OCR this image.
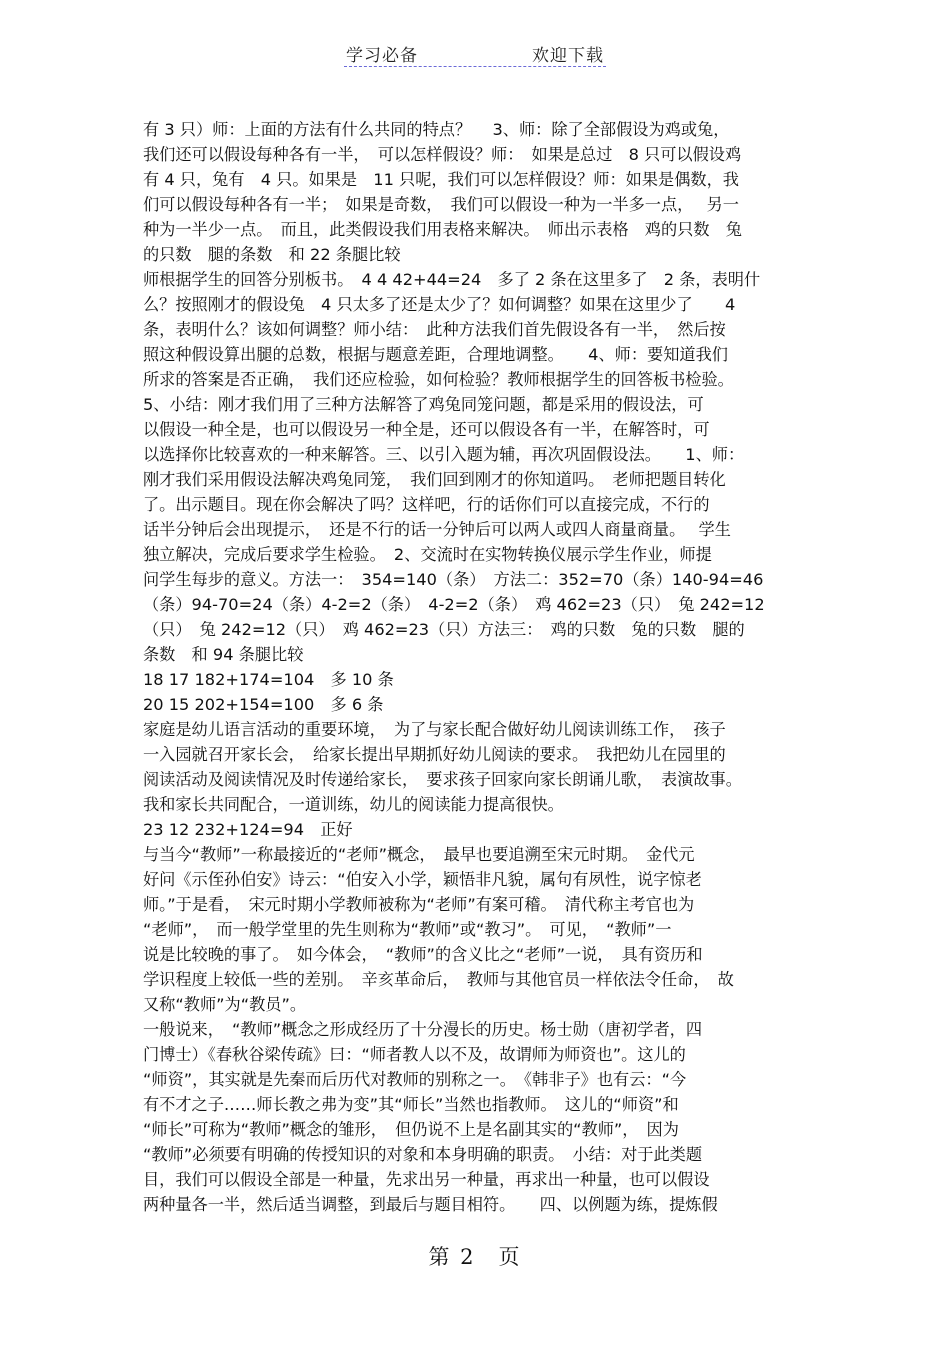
学习必备	欢迎下载
有 3 只）师：上面的方法有什么共同的特点？　 3、师：除了全部假设为鸡或兔，
我们还可以假设每种各有一半，　可以怎样假设？师：　如果是总过　8 只可以假设鸡
有 4 只，兔有　4 只。如果是　11 只呢，我们可以怎样假设？师：如果是偶数，我
们可以假设每种各有一半；　如果是奇数，　我们可以假设一种为一半多一点，　 另一
种为一半少一点。　而且，此类假设我们用表格来解决。　师出示表格　鸡的只数　兔
的只数　腿的条数　和 22 条腿比较
师根据学生的回答分别板书。　4 4 42+44=24　多了 2 条在这里多了　2 条，表明什
么？按照刚才的假设兔　4 只太多了还是太少了？如何调整？如果在这里少了　　4
条，表明什么？该如何调整？师小结：　此种方法我们首先假设各有一半，　然后按
照这种假设算出腿的总数，根据与题意差距，合理地调整。　　4、师：要知道我们
所求的答案是否正确，　我们还应检验，如何检验？教师根据学生的回答板书检验。
5、小结：刚才我们用了三种方法解答了鸡兔同笼问题，都是采用的假设法，可
以假设一种全是，也可以假设另一种全是，还可以假设各有一半，在解答时，可
以选择你比较喜欢的一种来解答。三、以引入题为辅，再次巩固假设法。　　1、师：
刚才我们采用假设法解决鸡兔同笼，　我们回到刚才的你知道吗。　老师把题目转化
了。出示题目。现在你会解决了吗？这样吧，行的话你们可以直接完成，不行的
话半分钟后会出现提示，　还是不行的话一分钟后可以两人或四人商量商量。　 学生
独立解决，完成后要求学生检验。　2、交流时在实物转换仪展示学生作业，师提
问学生每步的意义。方法一：　354=140（条）　方法二：352=70（条）140-94=46
（条）94-70=24（条）4-2=2（条）　4-2=2（条）　鸡 462=23（只）　兔 242=12
（只）　兔 242=12（只）　鸡 462=23（只）方法三：　鸡的只数　兔的只数　腿的
条数　和 94 条腿比较
18 17 182+174=104　多 10 条
20 15 202+154=100　多 6 条
家庭是幼儿语言活动的重要环境，　为了与家长配合做好幼儿阅读训练工作，　孩子
一入园就召开家长会，　给家长提出早期抓好幼儿阅读的要求。　我把幼儿在园里的
阅读活动及阅读情况及时传递给家长，　要求孩子回家向家长朗诵儿歌，　表演故事。
我和家长共同配合，一道训练，幼儿的阅读能力提高很快。
23 12 232+124=94　正好
与当今“教师”一称最接近的“老师”概念，　最早也要追溯至宋元时期。　金代元
好问《示侄孙伯安》诗云：“伯安入小学，颖悟非凡貌，属句有夙性，说字惊老
师。”于是看，　宋元时期小学教师被称为“老师”有案可稽。　清代称主考官也为
“老师”，　而一般学堂里的先生则称为“教师”或“教习”。　可见，　“教师”一
说是比较晚的事了。　如今体会，　“教师”的含义比之“老师”一说，　具有资历和
学识程度上较低一些的差别。　辛亥革命后，　教师与其他官员一样依法令任命，　故
又称“教师”为“教员”。
一般说来，　“教师”概念之形成经历了十分漫长的历史。杨士勋（唐初学者，四
门博士）《春秋谷梁传疏》曰：“师者教人以不及，故谓师为师资也”。这儿的
“师资”，其实就是先秦而后历代对教师的别称之一。　《韩非子》也有云：“今
有不才之子……师长教之弗为变”其“师长”当然也指教师。　这儿的“师资”和
“师长”可称为“教师”概念的雏形，　但仍说不上是名副其实的“教师”，　因为
“教师”必须要有明确的传授知识的对象和本身明确的职责。　小结：对于此类题
目，我们可以假设全部是一种量，先求出另一种量，再求出一种量，也可以假设
两种量各一半，然后适当调整，到最后与题目相符。　　四、以例题为练，提炼假
第 2　页
